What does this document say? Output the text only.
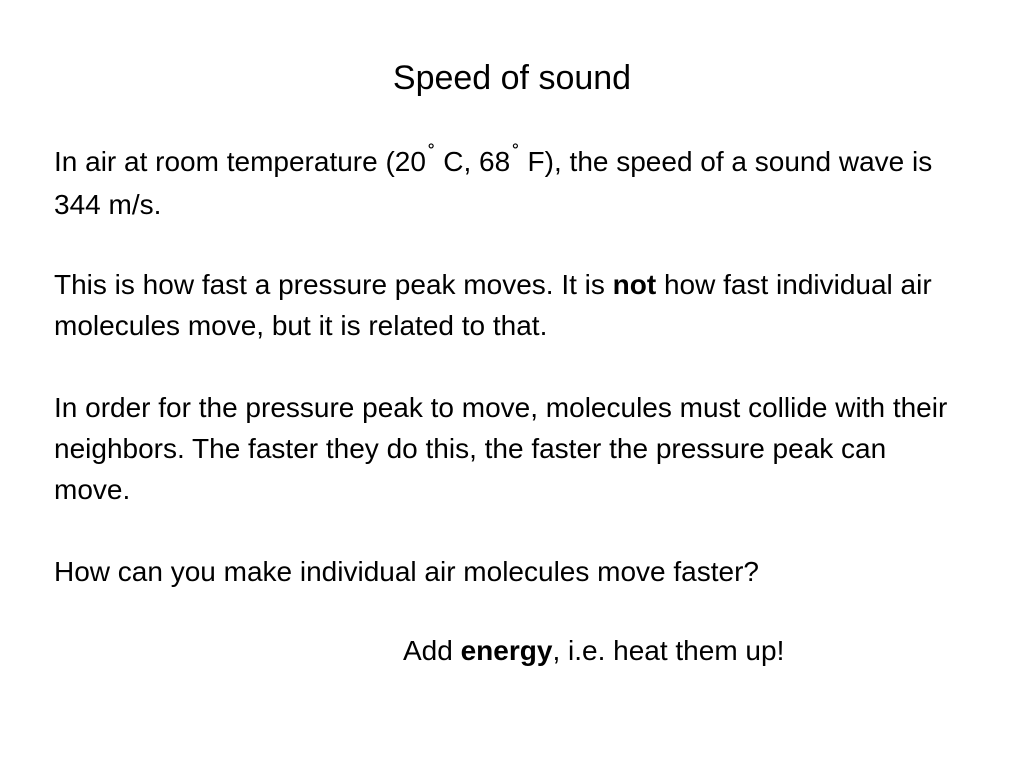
Speed of sound

In air at room temperature (20˚ C, 68˚ F), the speed of a sound wave is 344 m/s.

This is how fast a pressure peak moves. It is not how fast individual air molecules move, but it is related to that.

In order for the pressure peak to move, molecules must collide with their neighbors. The faster they do this, the faster the pressure peak can move.

How can you make individual air molecules move faster?

Add energy, i.e. heat them up!
